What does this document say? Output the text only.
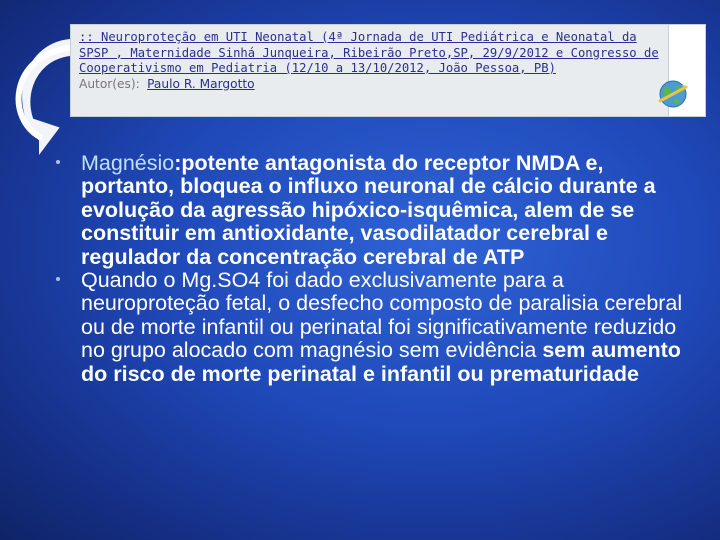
:: Neuroproteção em UTI Neonatal (4ª Jornada de UTI Pediátrica e Neonatal da SPSP , Maternidade Sinhá Junqueira, Ribeirão Preto,SP, 29/9/2012 e Congresso de Cooperativismo em Pediatria (12/10 a 13/10/2012, João Pessoa, PB)
Autor(es): Paulo R. Margotto
Magnésio:potente antagonista do receptor NMDA e, portanto, bloquea o influxo neuronal de cálcio durante a evolução da agressão hipóxico-isquêmica, alem de se constituir em antioxidante, vasodilatador cerebral e regulador da concentração cerebral de ATP
Quando o Mg.SO4 foi dado exclusivamente para a neuroproteção fetal, o desfecho composto de paralisia cerebral ou de morte infantil ou perinatal foi significativamente reduzido no grupo alocado com magnésio sem evidência sem aumento do risco de morte perinatal e infantil ou prematuridade
